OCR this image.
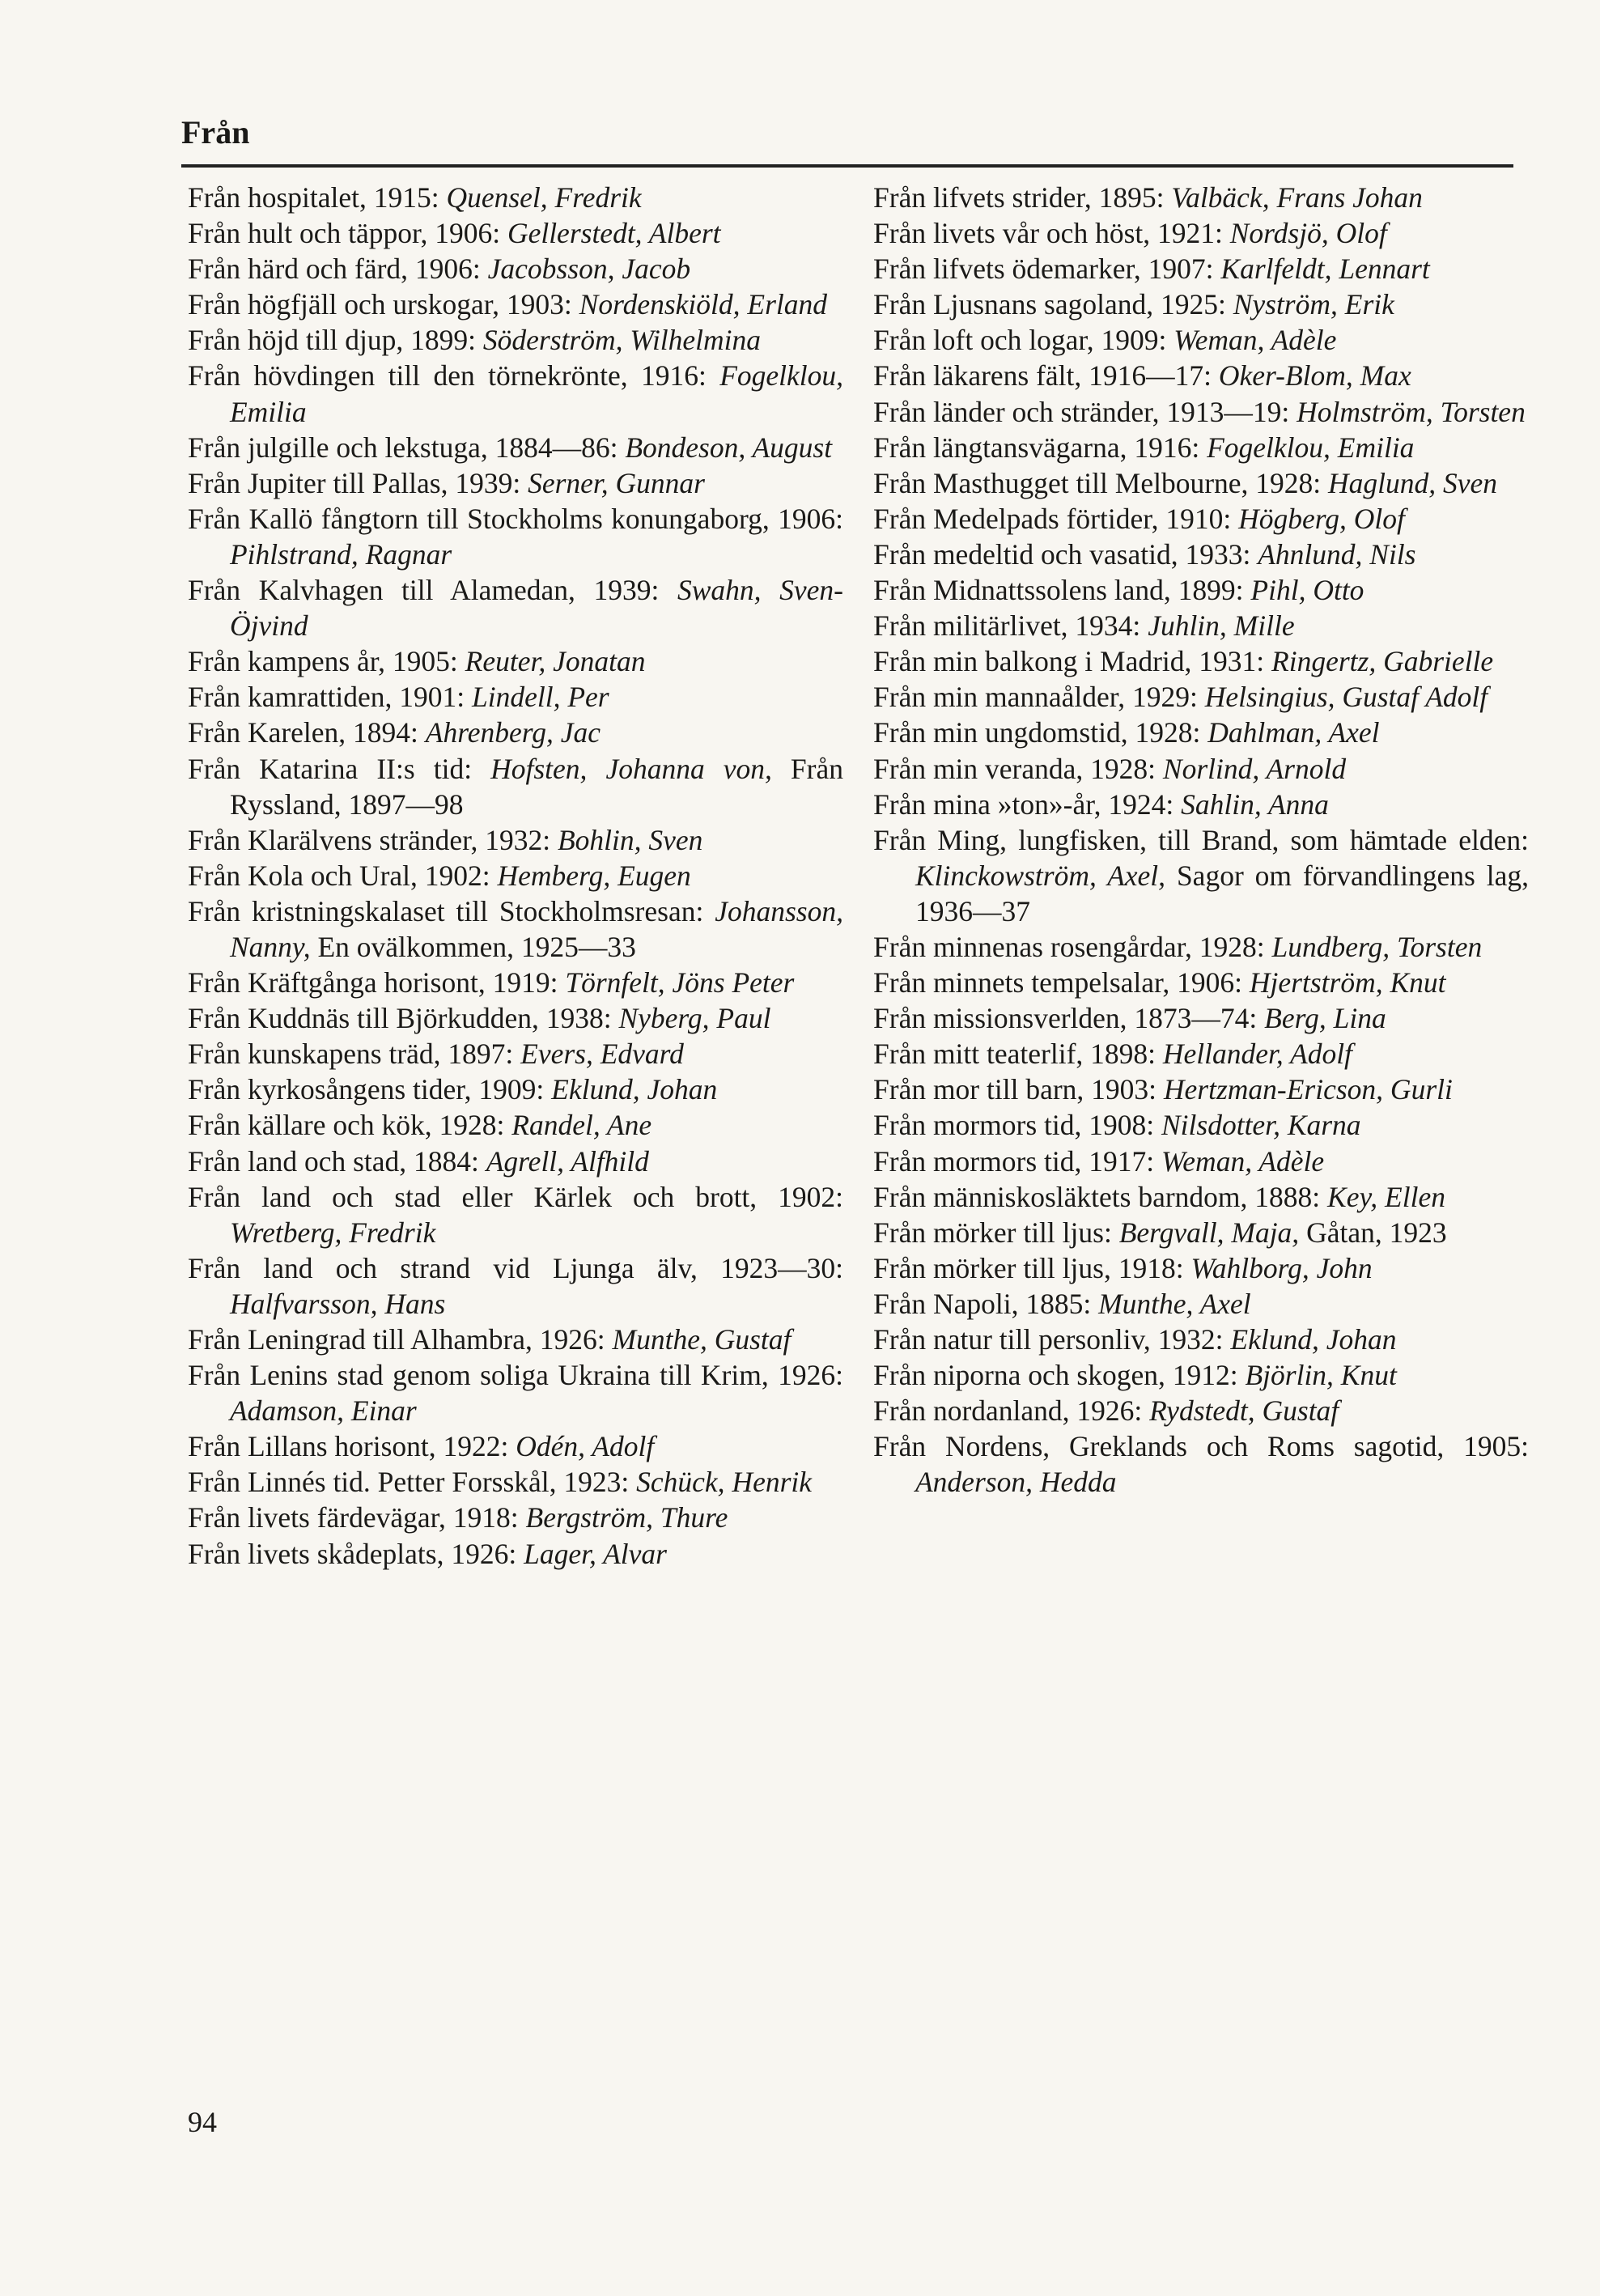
Från

Från hospitalet, 1915: Quensel, Fredrik

Från hult och täppor, 1906: Gellerstedt, Albert

Från härd och färd, 1906: Jacobsson, Jacob

Från högfjäll och urskogar, 1903: Nordenskiöld, Erland

Från höjd till djup, 1899: Söderström, Wilhelmina

Från hövdingen till den törnekrönte, 1916: Fogelklou, Emilia

Från julgille och lekstuga, 1884—86: Bondeson, August

Från Jupiter till Pallas, 1939: Serner, Gunnar

Från Kallö fångtorn till Stockholms konungaborg, 1906: Pihlstrand, Ragnar

Från Kalvhagen till Alamedan, 1939: Swahn, Sven-Öjvind

Från kampens år, 1905: Reuter, Jonatan

Från kamrattiden, 1901: Lindell, Per

Från Karelen, 1894: Ahrenberg, Jac

Från Katarina II:s tid: Hofsten, Johanna von, Från Ryssland, 1897—98

Från Klarälvens stränder, 1932: Bohlin, Sven

Från Kola och Ural, 1902: Hemberg, Eugen

Från kristningskalaset till Stockholmsresan: Johansson, Nanny, En ovälkommen, 1925—33

Från Kräftgånga horisont, 1919: Törnfelt, Jöns Peter

Från Kuddnäs till Björkudden, 1938: Nyberg, Paul

Från kunskapens träd, 1897: Evers, Edvard

Från kyrkosångens tider, 1909: Eklund, Johan

Från källare och kök, 1928: Randel, Ane

Från land och stad, 1884: Agrell, Alfhild

Från land och stad eller Kärlek och brott, 1902: Wretberg, Fredrik

Från land och strand vid Ljunga älv, 1923—30: Halfvarsson, Hans

Från Leningrad till Alhambra, 1926: Munthe, Gustaf

Från Lenins stad genom soliga Ukraina till Krim, 1926: Adamson, Einar

Från Lillans horisont, 1922: Odén, Adolf

Från Linnés tid. Petter Forsskål, 1923: Schück, Henrik

Från livets färdevägar, 1918: Bergström, Thure

Från livets skådeplats, 1926: Lager, Alvar

Från lifvets strider, 1895: Valbäck, Frans Johan

Från livets vår och höst, 1921: Nordsjö, Olof

Från lifvets ödemarker, 1907: Karlfeldt, Lennart

Från Ljusnans sagoland, 1925: Nyström, Erik

Från loft och logar, 1909: Weman, Adèle

Från läkarens fält, 1916—17: Oker-Blom, Max

Från länder och stränder, 1913—19: Holmström, Torsten

Från längtansvägarna, 1916: Fogelklou, Emilia

Från Masthugget till Melbourne, 1928: Haglund, Sven

Från Medelpads förtider, 1910: Högberg, Olof

Från medeltid och vasatid, 1933: Ahnlund, Nils

Från Midnattssolens land, 1899: Pihl, Otto

Från militärlivet, 1934: Juhlin, Mille

Från min balkong i Madrid, 1931: Ringertz, Gabrielle

Från min mannaålder, 1929: Helsingius, Gustaf Adolf

Från min ungdomstid, 1928: Dahlman, Axel

Från min veranda, 1928: Norlind, Arnold

Från mina »ton»-år, 1924: Sahlin, Anna

Från Ming, lungfisken, till Brand, som hämtade elden: Klinckowström, Axel, Sagor om förvandlingens lag, 1936—37

Från minnenas rosengårdar, 1928: Lundberg, Torsten

Från minnets tempelsalar, 1906: Hjertström, Knut

Från missionsverlden, 1873—74: Berg, Lina

Från mitt teaterlif, 1898: Hellander, Adolf

Från mor till barn, 1903: Hertzman-Ericson, Gurli

Från mormors tid, 1908: Nilsdotter, Karna

Från mormors tid, 1917: Weman, Adèle

Från människosläktets barndom, 1888: Key, Ellen

Från mörker till ljus: Bergvall, Maja, Gåtan, 1923

Från mörker till ljus, 1918: Wahlborg, John

Från Napoli, 1885: Munthe, Axel

Från natur till personliv, 1932: Eklund, Johan

Från niporna och skogen, 1912: Björlin, Knut

Från nordanland, 1926: Rydstedt, Gustaf

Från Nordens, Greklands och Roms sagotid, 1905: Anderson, Hedda

94
